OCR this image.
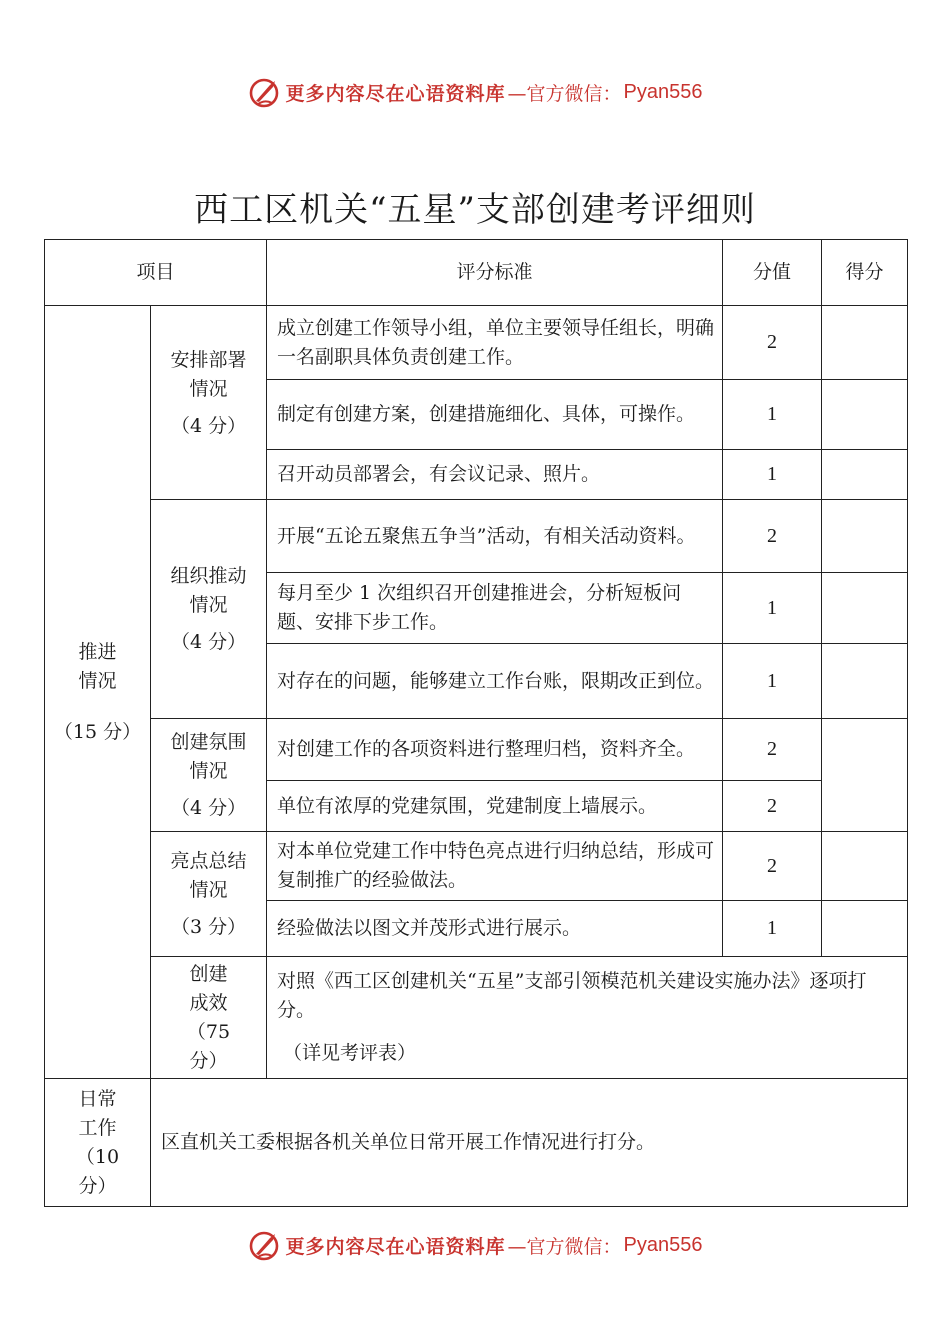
更多内容尽在心语资料库 —官方微信： Pyan556
西工区机关“五星”支部创建考评细则
项目		评分标准	分值	得分

推进
情况
（15 分）	安排部署
情况
（4 分）	成立创建工作领导小组，单位主要领导任组长，明确一名副职具体负责创建工作。	2	
		制定有创建方案，创建措施细化、具体，可操作。	1	
		召开动员部署会，有会议记录、照片。	1	

	组织推动
情况
（4 分）	开展“五论五聚焦五争当”活动，有相关活动资料。	2	
		每月至少 1 次组织召开创建推进会，分析短板问题、安排下步工作。	1	
		对存在的问题，能够建立工作台账，限期改正到位。	1	

	创建氛围
情况
（4 分）	对创建工作的各项资料进行整理归档，资料齐全。	2	
		单位有浓厚的党建氛围，党建制度上墙展示。	2	

	亮点总结
情况
（3 分）	对本单位党建工作中特色亮点进行归纳总结，形成可复制推广的经验做法。	2	
		经验做法以图文并茂形式进行展示。	1	

	创建
成效
（75
分）	对照《西工区创建机关“五星”支部引领模范机关建设实施办法》逐项打分。
（详见考评表）		

日常
工作
（10
分）	区直机关工委根据各机关单位日常开展工作情况进行打分。			
更多内容尽在心语资料库 —官方微信： Pyan556
